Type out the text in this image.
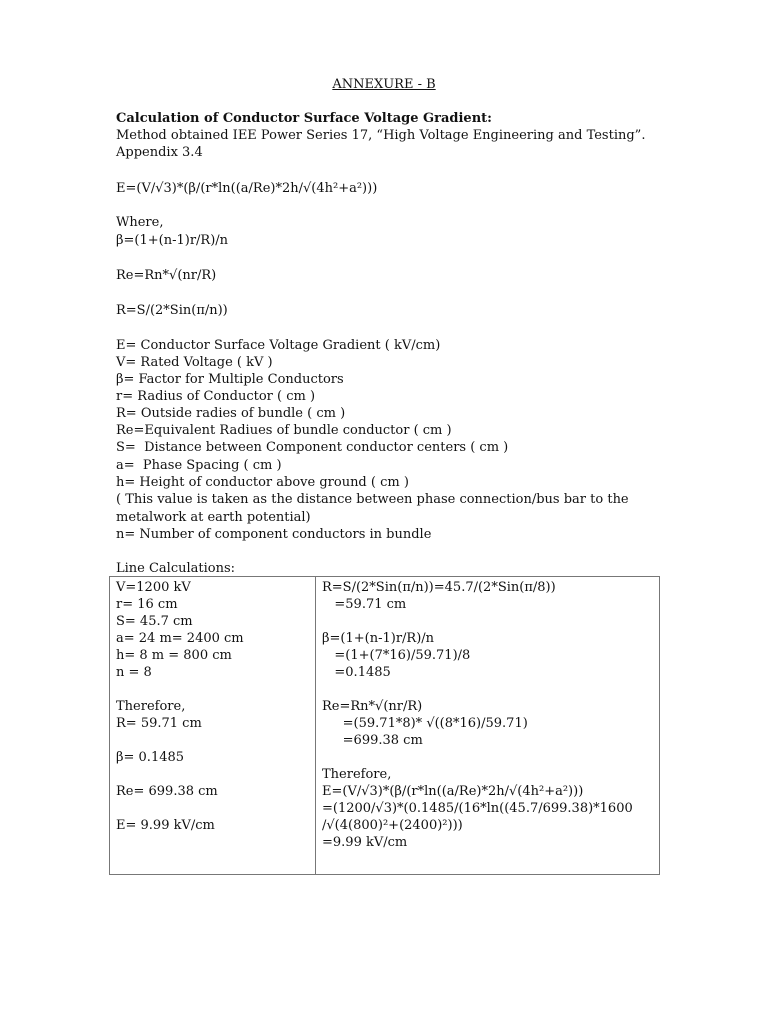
ANNEXURE - B
Calculation of Conductor Surface Voltage Gradient:
Method obtained IEE Power Series 17, “High Voltage Engineering and Testing”.
Appendix 3.4
E=(V/√3)*(β/(r*ln((a/Re)*2h/√(4h²+a²)))
Where,
β=(1+(n-1)r/R)/n
Re=Rn*√(nr/R)
R=S/(2*Sin(π/n))
E= Conductor Surface Voltage Gradient ( kV/cm)
V= Rated Voltage ( kV )
β= Factor for Multiple Conductors
r= Radius of Conductor ( cm )
R= Outside radies of bundle ( cm )
Re=Equivalent Radiues of bundle conductor ( cm )
S=  Distance between Component conductor centers ( cm )
a=  Phase Spacing ( cm )
h= Height of conductor above ground ( cm )
( This value is taken as the distance between phase connection/bus bar to the
metalwork at earth potential)
n= Number of component conductors in bundle
Line Calculations:
V=1200 kV
r= 16 cm
S= 45.7 cm
a= 24 m= 2400 cm
h= 8 m = 800 cm
n = 8
Therefore,
R= 59.71 cm
β= 0.1485
Re= 699.38 cm
E= 9.99 kV/cm

R=S/(2*Sin(π/n))=45.7/(2*Sin(π/8))
=59.71 cm
β=(1+(n-1)r/R)/n
=(1+(7*16)/59.71)/8
=0.1485
Re=Rn*√(nr/R)
=(59.71*8)* √((8*16)/59.71)
=699.38 cm
Therefore,
E=(V/√3)*(β/(r*ln((a/Re)*2h/√(4h²+a²)))
=(1200/√3)*(0.1485/(16*ln((45.7/699.38)*1600
/√(4(800)²+(2400)²)))
=9.99 kV/cm
